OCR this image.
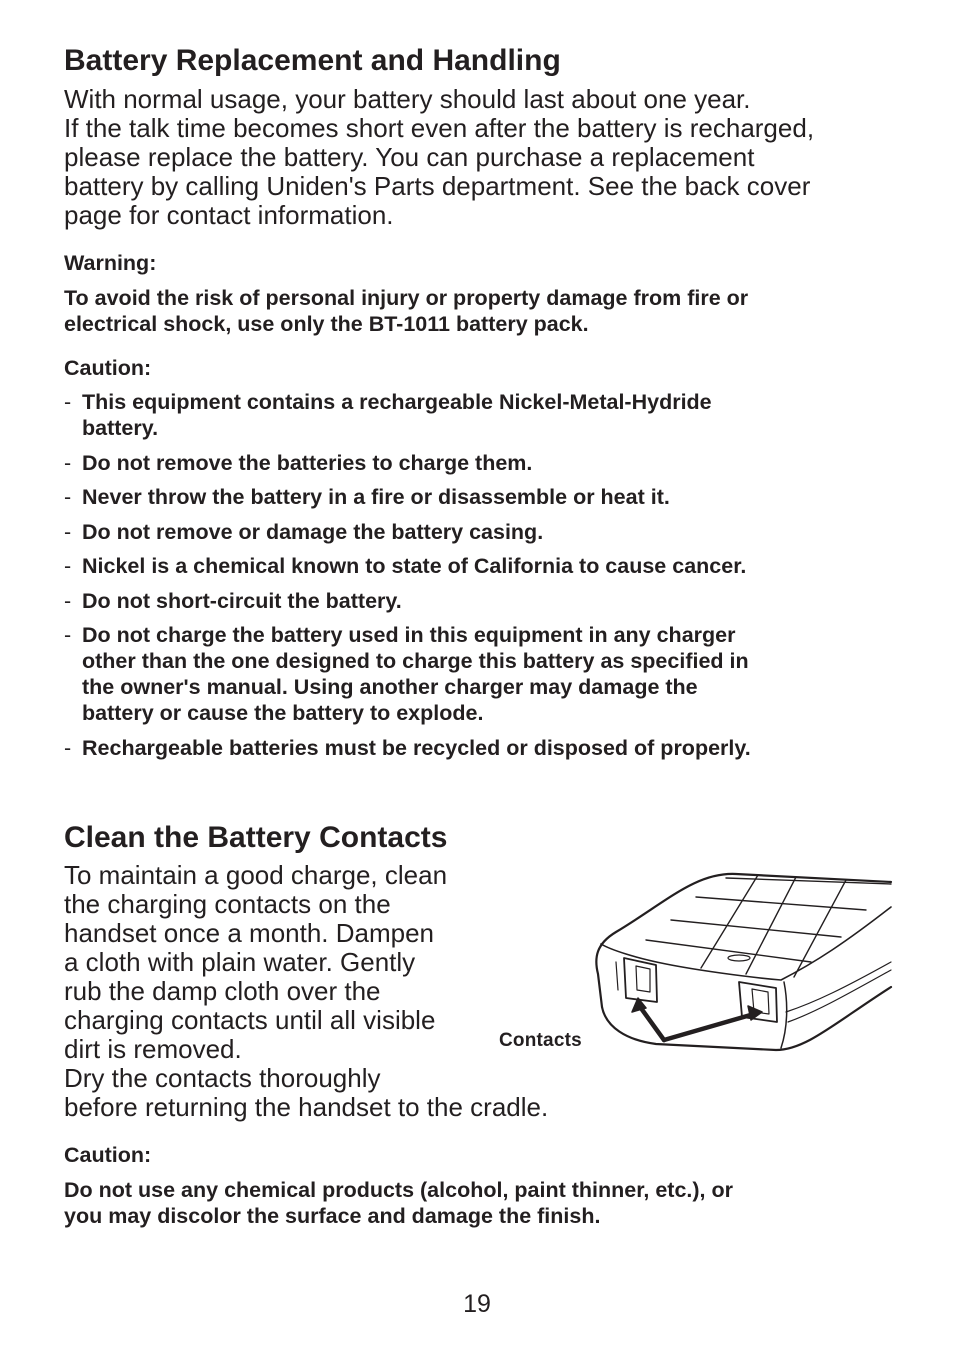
Battery Replacement and Handling
With normal usage, your battery should last about one year.
If the talk time becomes short even after the battery is recharged,
please replace the battery. You can purchase a replacement
battery by calling Uniden's Parts department. See the back cover
page for contact information.
Warning:
To avoid the risk of personal injury or property damage from fire or
electrical shock, use only the BT-1011 battery pack.
Caution:
- This equipment contains a rechargeable Nickel-Metal-Hydride
battery.
- Do not remove the batteries to charge them.
- Never throw the battery in a fire or disassemble or heat it.
- Do not remove or damage the battery casing.
- Nickel is a chemical known to state of California to cause cancer.
- Do not short-circuit the battery.
- Do not charge the battery used in this equipment in any charger
other than the one designed to charge this battery as specified in
the owner's manual. Using another charger may damage the
battery or cause the battery to explode.
- Rechargeable batteries must be recycled or disposed of properly.
Clean the Battery Contacts
To maintain a good charge, clean
the charging contacts on the
handset once a month. Dampen
a cloth with plain water. Gently
rub the damp cloth over the
charging contacts until all visible
dirt is removed.
Dry the contacts thoroughly
before returning the handset to the cradle.
Contacts
Caution:
Do not use any chemical products (alcohol, paint thinner, etc.), or
you may discolor the surface and damage the finish.
19
